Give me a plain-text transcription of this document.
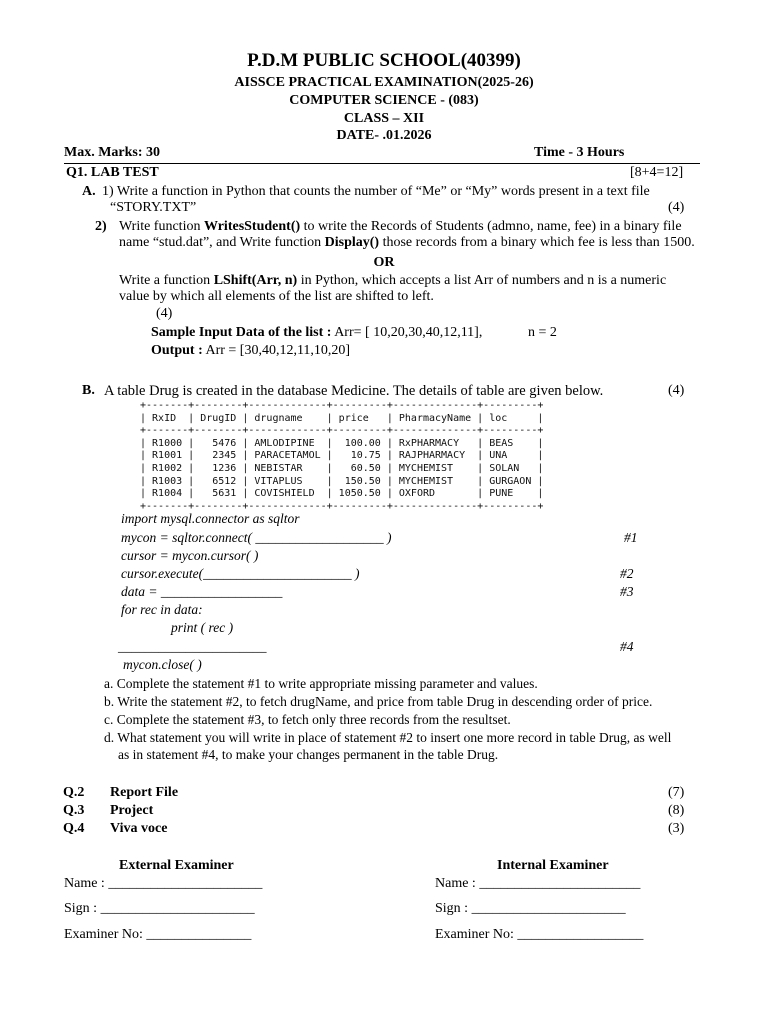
P.D.M PUBLIC SCHOOL(40399)
AISSCE PRACTICAL EXAMINATION(2025-26)
COMPUTER SCIENCE - (083)
CLASS – XII
DATE- .01.2026
Max. Marks: 30	Time - 3 Hours
Q1. LAB TEST	[8+4=12]
A. 1) Write a function in Python that counts the number of “Me” or “My” words present in a text file
“STORY.TXT”	(4)
2) Write function WritesStudent() to write the Records of Students (admno, name, fee) in a binary file
name “stud.dat”, and Write function Display() those records from a binary which fee is less than 1500.
OR
Write a function LShift(Arr, n) in Python, which accepts a list Arr of numbers and n is a numeric
value by which all elements of the list are shifted to left.
(4)
Sample Input Data of the list : Arr= [ 10,20,30,40,12,11],	n = 2
Output : Arr = [30,40,12,11,10,20]
B. A table Drug is created in the database Medicine. The details of table are given below.	(4)
+-------+--------+-------------+---------+--------------+---------+
| RxID  | DrugID | drugname    | price   | PharmacyName | loc     |
+-------+--------+-------------+---------+--------------+---------+
| R1000 |   5476 | AMLODIPINE  |  100.00 | RxPHARMACY   | BEAS    |
| R1001 |   2345 | PARACETAMOL |   10.75 | RAJPHARMACY  | UNA     |
| R1002 |   1236 | NEBISTAR    |   60.50 | MYCHEMIST    | SOLAN   |
| R1003 |   6512 | VITAPLUS    |  150.50 | MYCHEMIST    | GURGAON |
| R1004 |   5631 | COVISHIELD  | 1050.50 | OXFORD       | PUNE    |
+-------+--------+-------------+---------+--------------+---------+
import mysql.connector as sqltor
mycon = sqltor.connect( ___________________ )	#1
cursor = mycon.cursor( )
cursor.execute(______________________ )	#2
data = __________________	#3
for rec in data:
print ( rec )
______________________	#4
mycon.close( )
a. Complete the statement #1 to write appropriate missing parameter and values.
b. Write the statement #2, to fetch drugName, and price from table Drug in descending order of price.
c. Complete the statement #3, to fetch only three records from the resultset.
d. What statement you will write in place of statement #2 to insert one more record in table Drug, as well
as in statement #4, to make your changes permanent in the table Drug.
Q.2 Report File	(7)
Q.3 Project	(8)
Q.4 Viva voce	(3)
External Examiner	Internal Examiner
Name : ______________________	Name : _______________________
Sign : ______________________	Sign : ______________________
Examiner No: _______________	Examiner No: __________________
